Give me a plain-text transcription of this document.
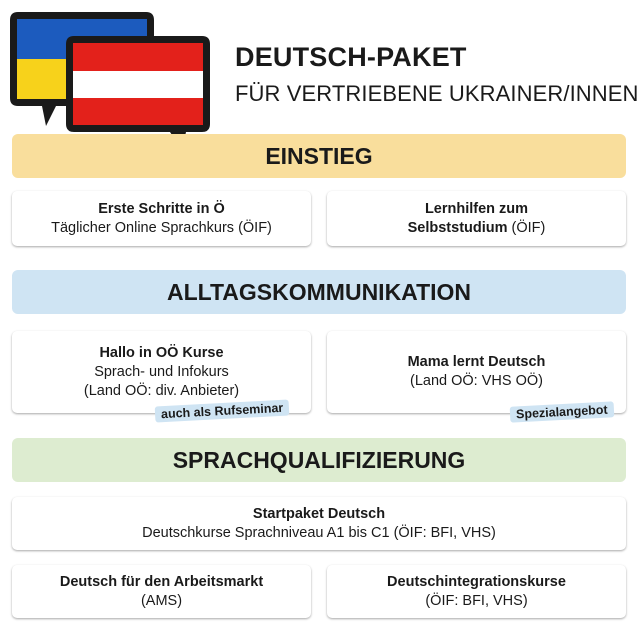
DEUTSCH-PAKET
FÜR VERTRIEBENE UKRAINER/INNEN
EINSTIEG
Erste Schritte in Ö
Täglicher Online Sprachkurs (ÖIF)
Lernhilfen zum
Selbststudium (ÖIF)
ALLTAGSKOMMUNIKATION
Hallo in OÖ Kurse
Sprach- und Infokurs
(Land OÖ: div. Anbieter)
auch als Rufseminar
Mama lernt Deutsch
(Land OÖ: VHS OÖ)
Spezialangebot
SPRACHQUALIFIZIERUNG
Startpaket Deutsch
Deutschkurse Sprachniveau A1 bis C1 (ÖIF: BFI, VHS)
Deutsch für den Arbeitsmarkt
(AMS)
Deutschintegrationskurse
(ÖIF: BFI, VHS)
